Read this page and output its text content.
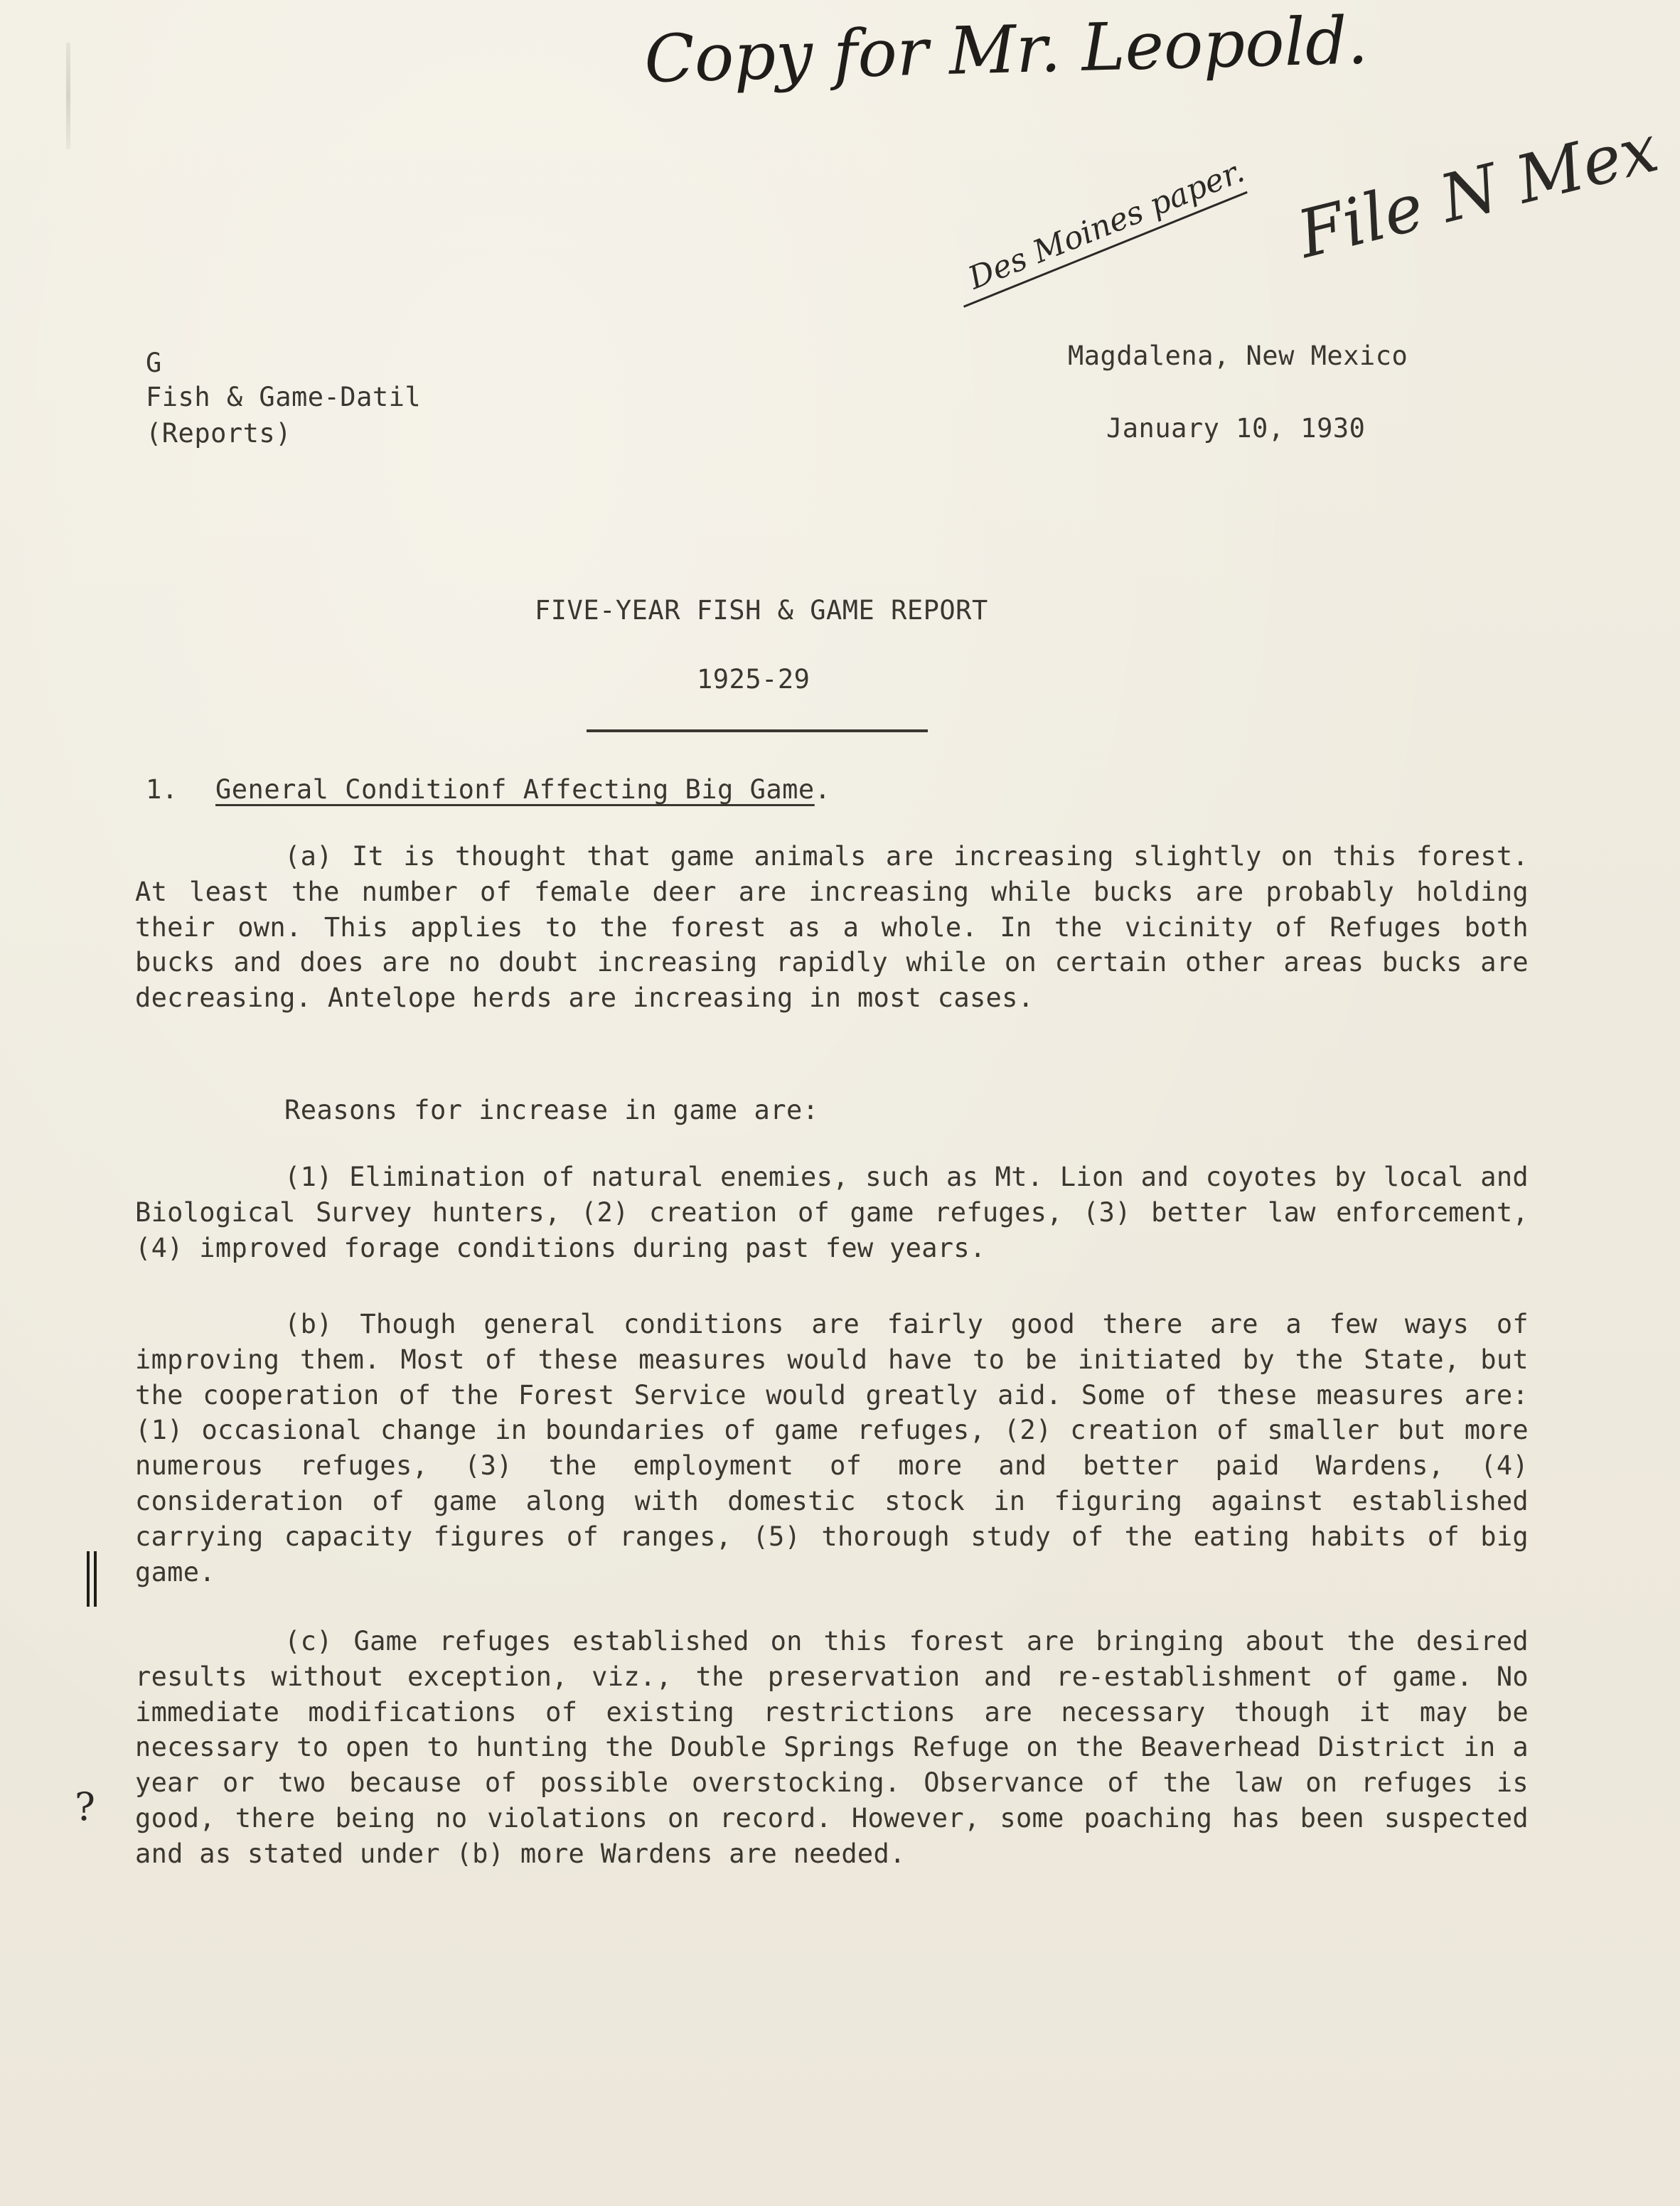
Copy for Mr. Leopold.
Des Moines paper. File N Mex
G
Fish & Game-Datil
(Reports)
Magdalena, New Mexico
January 10, 1930
FIVE-YEAR FISH & GAME REPORT
1925-29
1. General Conditionf Affecting Big Game.
(a) It is thought that game animals are increasing slightly on this forest. At least the number of female deer are increasing while bucks are probably holding their own. This applies to the forest as a whole. In the vicinity of Refuges both bucks and does are no doubt increasing rapidly while on certain other areas bucks are decreasing. Antelope herds are increasing in most cases.
Reasons for increase in game are:
(1) Elimination of natural enemies, such as Mt. Lion and coyotes by local and Biological Survey hunters, (2) creation of game refuges, (3) better law enforcement, (4) improved forage conditions during past few years.
(b) Though general conditions are fairly good there are a few ways of improving them. Most of these measures would have to be initiated by the State, but the cooperation of the Forest Service would greatly aid. Some of these measures are: (1) occasional change in boundaries of game refuges, (2) creation of smaller but more numerous refuges, (3) the employment of more and better paid Wardens, (4) consideration of game along with domestic stock in figuring against established carrying capacity figures of ranges, (5) thorough study of the eating habits of big game.
(c) Game refuges established on this forest are bringing about the desired results without exception, viz., the preservation and re-establishment of game. No immediate modifications of existing restrictions are necessary though it may be necessary to open to hunting the Double Springs Refuge on the Beaverhead District in a year or two because of possible overstocking. Observance of the law on refuges is good, there being no violations on record. However, some poaching has been suspected and as stated under (b) more Wardens are needed.
?
